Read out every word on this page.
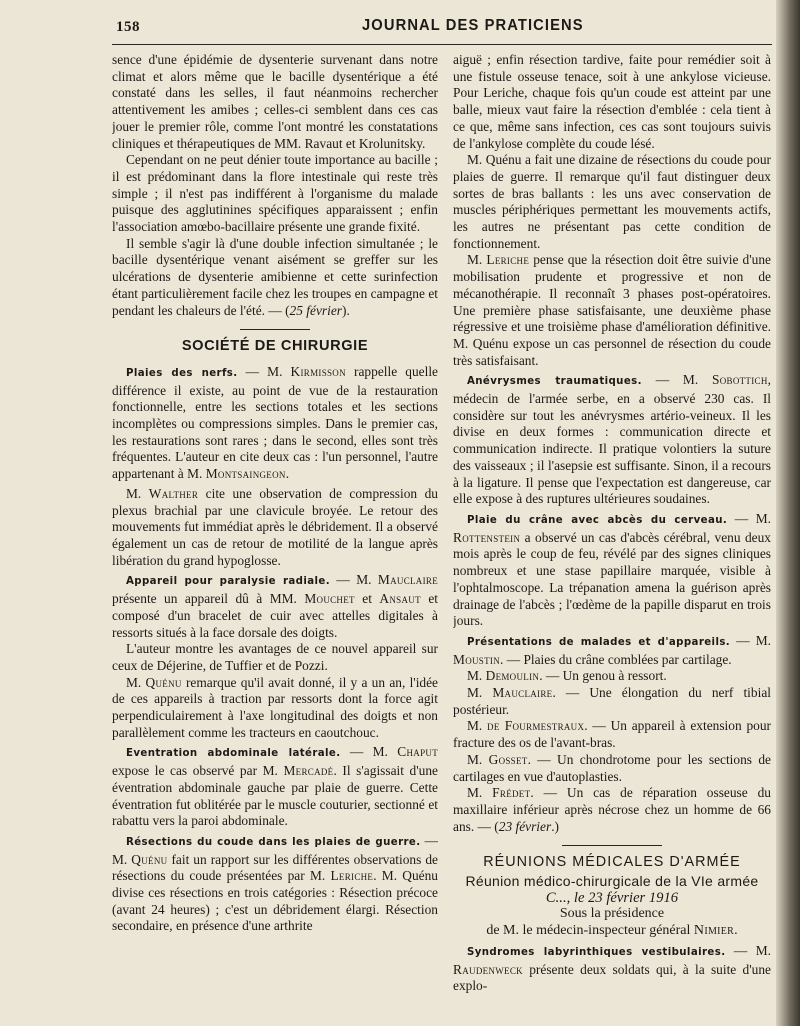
158	JOURNAL DES PRATICIENS

sence d'une épidémie de dysenterie survenant dans notre climat et alors même que le bacille dysentérique a été constaté dans les selles, il faut néanmoins rechercher attentivement les amibes ; celles-ci semblent dans ces cas jouer le premier rôle, comme l'ont montré les constatations cliniques et thérapeutiques de MM. Ravaut et Krolunitsky.

Cependant on ne peut dénier toute importance au bacille ; il est prédominant dans la flore intestinale qui reste très simple ; il n'est pas indifférent à l'organisme du malade puisque des agglutinines spécifiques apparaissent ; enfin l'association amœbo-bacillaire présente une grande fixité.

Il semble s'agir là d'une double infection simultanée ; le bacille dysentérique venant aisément se greffer sur les ulcérations de dysenterie amibienne et cette surinfection étant particulièrement facile chez les troupes en campagne et pendant les chaleurs de l'été. — (25 février).

SOCIÉTÉ DE CHIRURGIE

Plaies des nerfs. — M. Kirmisson rappelle quelle différence il existe, au point de vue de la restauration fonctionnelle, entre les sections totales et les sections incomplètes ou compressions simples. Dans le premier cas, les restaurations sont rares ; dans le second, elles sont très fréquentes. L'auteur en cite deux cas : l'un personnel, l'autre appartenant à M. Montsaingeon.

M. Walther cite une observation de compression du plexus brachial par une clavicule broyée. Le retour des mouvements fut immédiat après le débridement. Il a observé également un cas de retour de motilité de la langue après libération du grand hypoglosse.

Appareil pour paralysie radiale. — M. Mauclaire présente un appareil dû à MM. Mouchet et Ansaut et composé d'un bracelet de cuir avec attelles digitales à ressorts situés à la face dorsale des doigts.

L'auteur montre les avantages de ce nouvel appareil sur ceux de Déjerine, de Tuffier et de Pozzi.

M. Quénu remarque qu'il avait donné, il y a un an, l'idée de ces appareils à traction par ressorts dont la force agit perpendiculairement à l'axe longitudinal des doigts et non parallèlement comme les tracteurs en caoutchouc.

Eventration abdominale latérale. — M. Chaput expose le cas observé par M. Mercadé. Il s'agissait d'une éventration abdominale gauche par plaie de guerre. Cette éventration fut oblitérée par le muscle couturier, sectionné et rabattu vers la paroi abdominale.

Résections du coude dans les plaies de guerre. — M. Quénu fait un rapport sur les différentes observations de résections du coude présentées par M. Leriche. M. Quénu divise ces résections en trois catégories : Résection précoce (avant 24 heures) ; c'est un débridement élargi. Résection secondaire, en présence d'une arthrite

aiguë ; enfin résection tardive, faite pour remédier soit à une fistule osseuse tenace, soit à une ankylose vicieuse. Pour Leriche, chaque fois qu'un coude est atteint par une balle, mieux vaut faire la résection d'emblée : cela tient à ce que, même sans infection, ces cas sont toujours suivis de l'ankylose complète du coude lésé.

M. Quénu a fait une dizaine de résections du coude pour plaies de guerre. Il remarque qu'il faut distinguer deux sortes de bras ballants : les uns avec conservation de muscles périphériques permettant les mouvements actifs, les autres ne présentant pas cette condition de fonctionnement.

M. Leriche pense que la résection doit être suivie d'une mobilisation prudente et progressive et non de mécanothérapie. Il reconnaît 3 phases post-opératoires. Une première phase satisfaisante, une deuxième phase régressive et une troisième phase d'amélioration définitive. M. Quénu expose un cas personnel de résection du coude très satisfaisant.

Anévrysmes traumatiques. — M. Sobottich, médecin de l'armée serbe, en a observé 230 cas. Il considère sur tout les anévrysmes artério-veineux. Il les divise en deux formes : communication directe et communication indirecte. Il pratique volontiers la suture des vaisseaux ; il l'asepsie est suffisante. Sinon, il a recours à la ligature. Il pense que l'expectation est dangereuse, car elle expose à des ruptures ultérieures soudaines.

Plaie du crâne avec abcès du cerveau. — M. Rottenstein a observé un cas d'abcès cérébral, venu deux mois après le coup de feu, révélé par des signes cliniques nombreux et une stase papillaire marquée, visible à l'ophtalmoscope. La trépanation amena la guérison après drainage de l'abcès ; l'œdème de la papille disparut en trois jours.

Présentations de malades et d'appareils. — M. Moustin. — Plaies du crâne comblées par cartilage.

M. Demoulin. — Un genou à ressort.

M. Mauclaire. — Une élongation du nerf tibial postérieur.

M. de Fourmestraux. — Un appareil à extension pour fracture des os de l'avant-bras.

M. Gosset. — Un chondrotome pour les sections de cartilages en vue d'autoplasties.

M. Frédet. — Un cas de réparation osseuse du maxillaire inférieur après nécrose chez un homme de 66 ans. — (23 février.)

RÉUNIONS MÉDICALES D'ARMÉE

Réunion médico-chirurgicale de la VIe armée

C..., le 23 février 1916

Sous la présidence

de M. le médecin-inspecteur général Nimier.

Syndromes labyrinthiques vestibulaires. — M. Raudenweck présente deux soldats qui, à la suite d'une explo-
